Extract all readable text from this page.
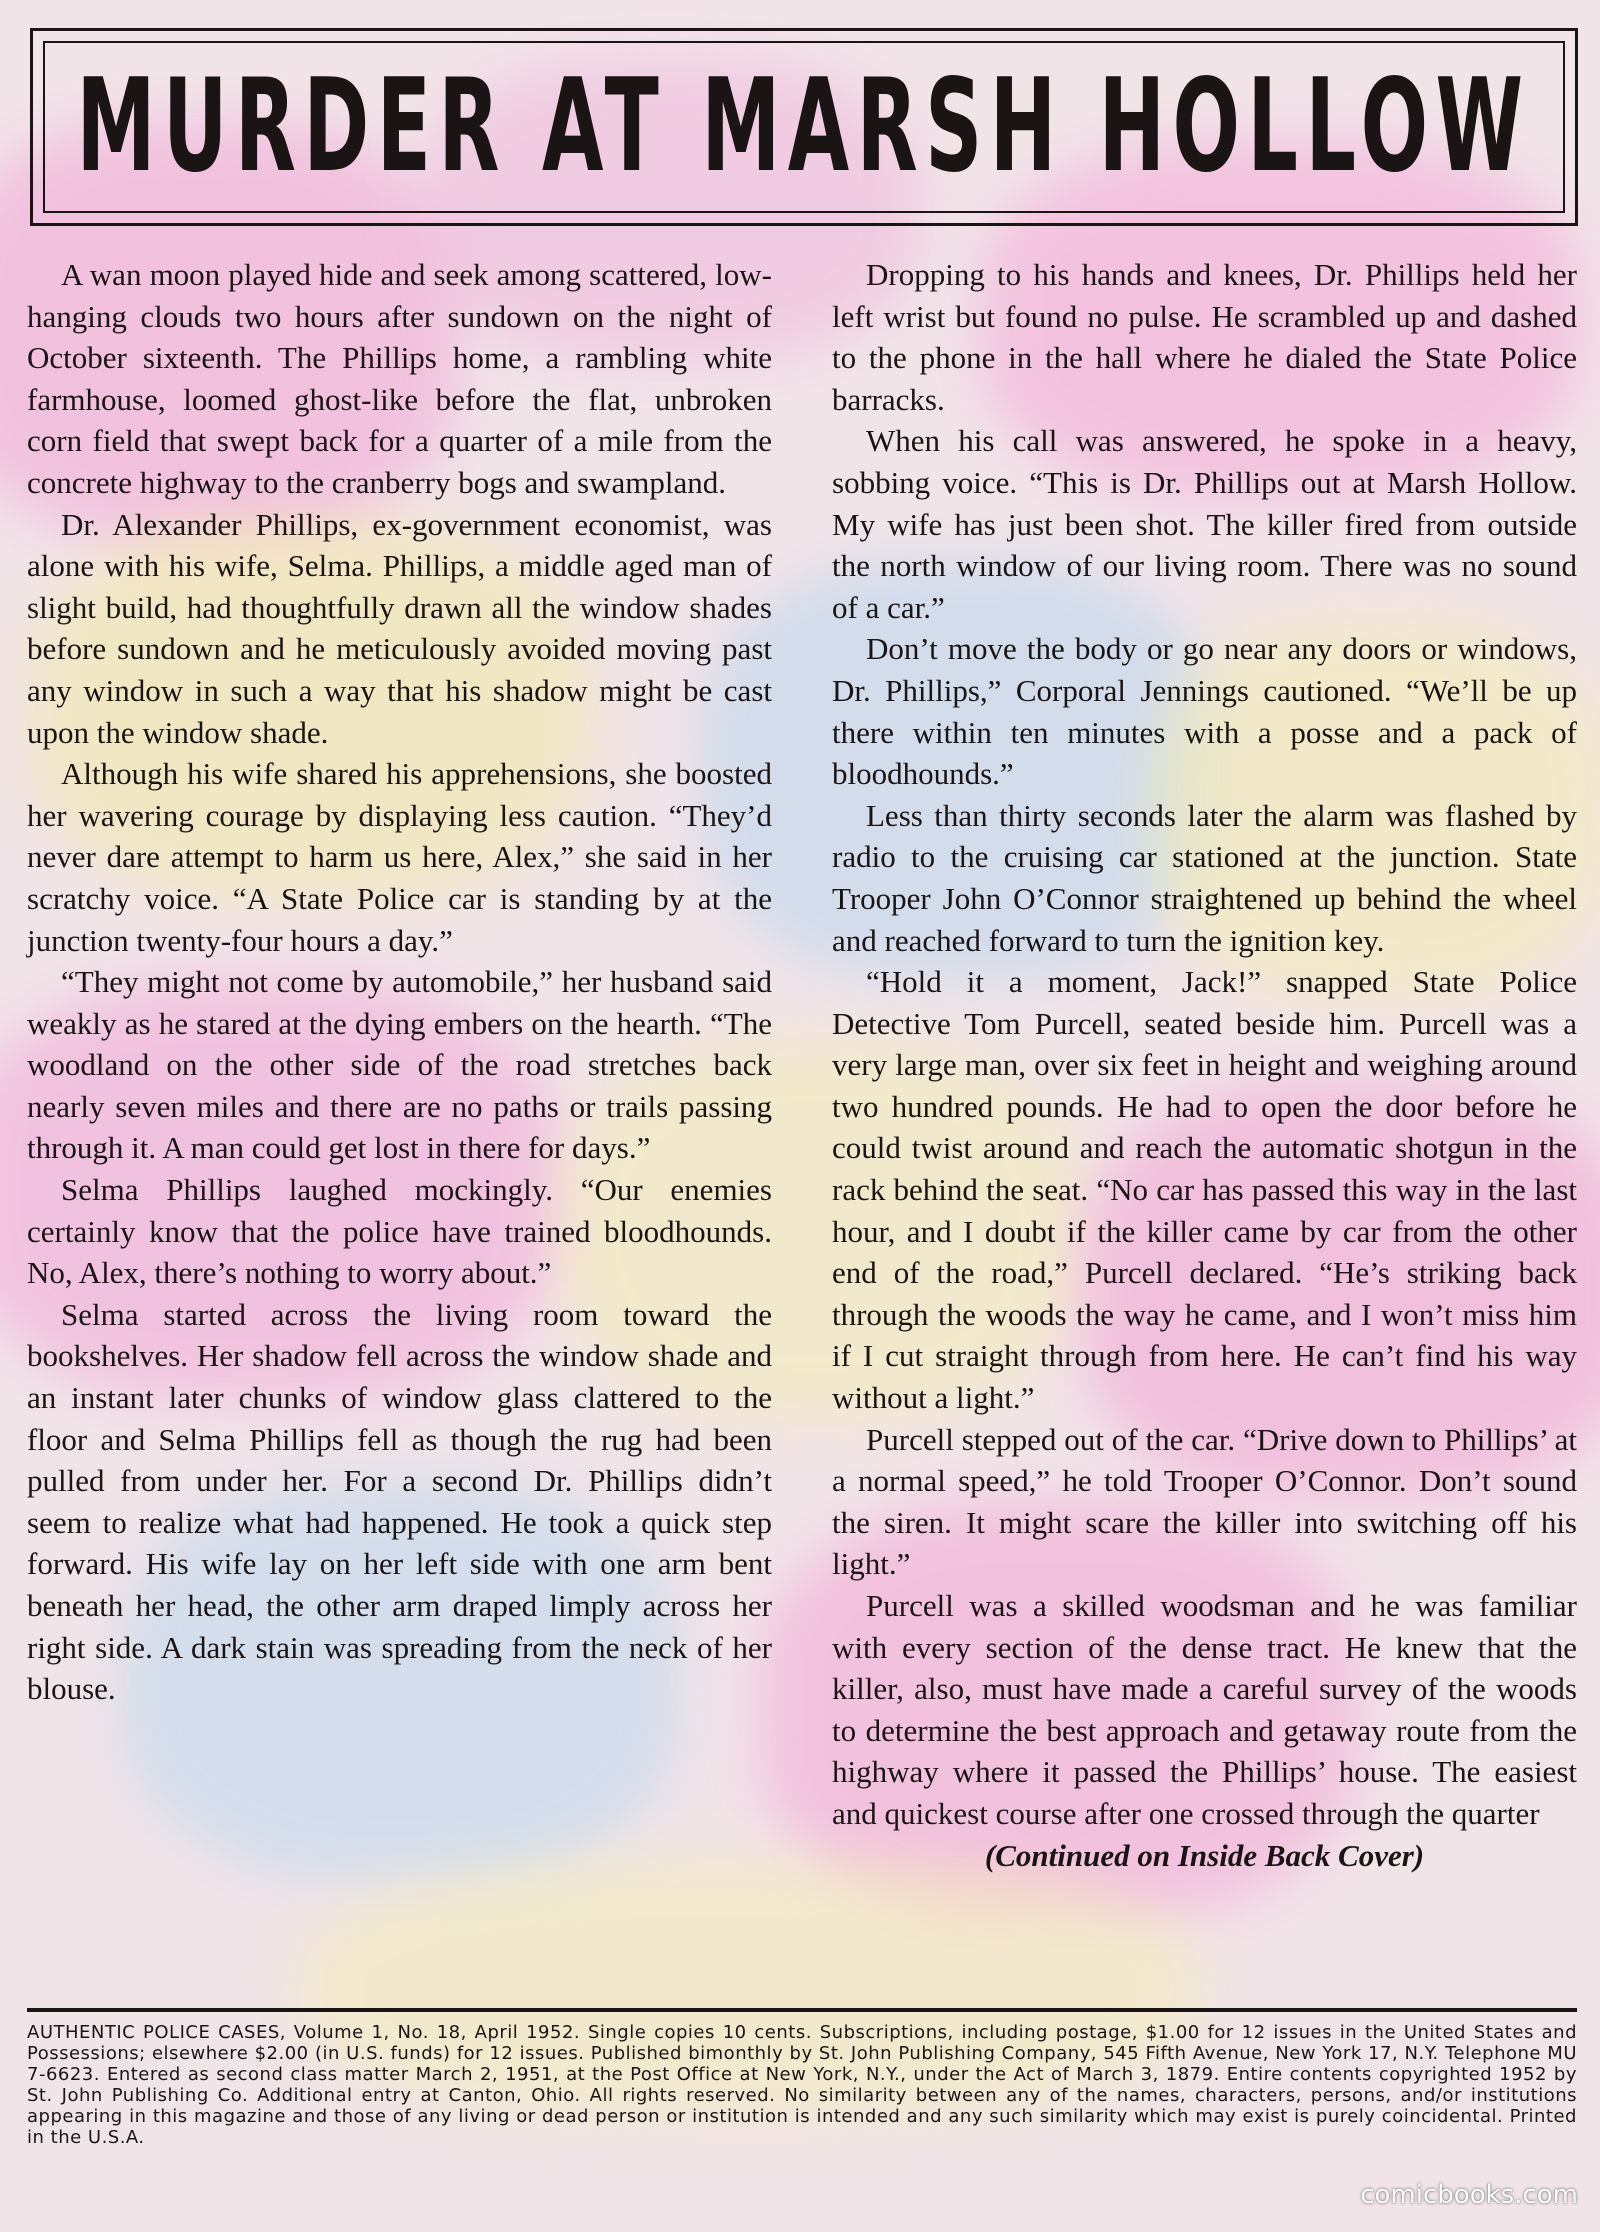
MURDER AT MARSH HOLLOW

A wan moon played hide and seek among scattered, low-hanging clouds two hours after sundown on the night of October sixteenth. The Phillips home, a rambling white farmhouse, loomed ghost-like before the flat, unbroken corn field that swept back for a quarter of a mile from the concrete highway to the cranberry bogs and swampland.

Dr. Alexander Phillips, ex-government economist, was alone with his wife, Selma. Phillips, a middle aged man of slight build, had thoughtfully drawn all the window shades before sundown and he meticulously avoided moving past any window in such a way that his shadow might be cast upon the window shade.

Although his wife shared his apprehensions, she boosted her wavering courage by displaying less caution. “They’d never dare attempt to harm us here, Alex,” she said in her scratchy voice. “A State Police car is standing by at the junction twenty-four hours a day.”

“They might not come by automobile,” her husband said weakly as he stared at the dying embers on the hearth. “The woodland on the other side of the road stretches back nearly seven miles and there are no paths or trails passing through it. A man could get lost in there for days.”

Selma Phillips laughed mockingly. “Our enemies certainly know that the police have trained bloodhounds. No, Alex, there’s nothing to worry about.”

Selma started across the living room toward the bookshelves. Her shadow fell across the window shade and an instant later chunks of window glass clattered to the floor and Selma Phillips fell as though the rug had been pulled from under her. For a second Dr. Phillips didn’t seem to realize what had happened. He took a quick step forward. His wife lay on her left side with one arm bent beneath her head, the other arm draped limply across her right side. A dark stain was spreading from the neck of her blouse.

Dropping to his hands and knees, Dr. Phillips held her left wrist but found no pulse. He scrambled up and dashed to the phone in the hall where he dialed the State Police barracks.

When his call was answered, he spoke in a heavy, sobbing voice. “This is Dr. Phillips out at Marsh Hollow. My wife has just been shot. The killer fired from outside the north window of our living room. There was no sound of a car.”

Don’t move the body or go near any doors or windows, Dr. Phillips,” Corporal Jennings cautioned. “We’ll be up there within ten minutes with a posse and a pack of bloodhounds.”

Less than thirty seconds later the alarm was flashed by radio to the cruising car stationed at the junction. State Trooper John O’Connor straightened up behind the wheel and reached forward to turn the ignition key.

“Hold it a moment, Jack!” snapped State Police Detective Tom Purcell, seated beside him. Purcell was a very large man, over six feet in height and weighing around two hundred pounds. He had to open the door before he could twist around and reach the automatic shotgun in the rack behind the seat. “No car has passed this way in the last hour, and I doubt if the killer came by car from the other end of the road,” Purcell declared. “He’s striking back through the woods the way he came, and I won’t miss him if I cut straight through from here. He can’t find his way without a light.”

Purcell stepped out of the car. “Drive down to Phillips’ at a normal speed,” he told Trooper O’Connor. Don’t sound the siren. It might scare the killer into switching off his light.”

Purcell was a skilled woodsman and he was familiar with every section of the dense tract. He knew that the killer, also, must have made a careful survey of the woods to determine the best approach and getaway route from the highway where it passed the Phillips’ house. The easiest and quickest course after one crossed through the quarter

(Continued on Inside Back Cover)
AUTHENTIC POLICE CASES, Volume 1, No. 18, April 1952. Single copies 10 cents. Subscriptions, including postage, $1.00 for 12 issues in the United States and Possessions; elsewhere $2.00 (in U.S. funds) for 12 issues. Published bimonthly by St. John Publishing Company, 545 Fifth Avenue, New York 17, N.Y. Telephone MU 7-6623. Entered as second class matter March 2, 1951, at the Post Office at New York, N.Y., under the Act of March 3, 1879. Entire contents copyrighted 1952 by St. John Publishing Co. Additional entry at Canton, Ohio. All rights reserved. No similarity between any of the names, characters, persons, and/or institutions appearing in this magazine and those of any living or dead person or institution is intended and any such similarity which may exist is purely coincidental. Printed in the U.S.A.
comicbooks.com
